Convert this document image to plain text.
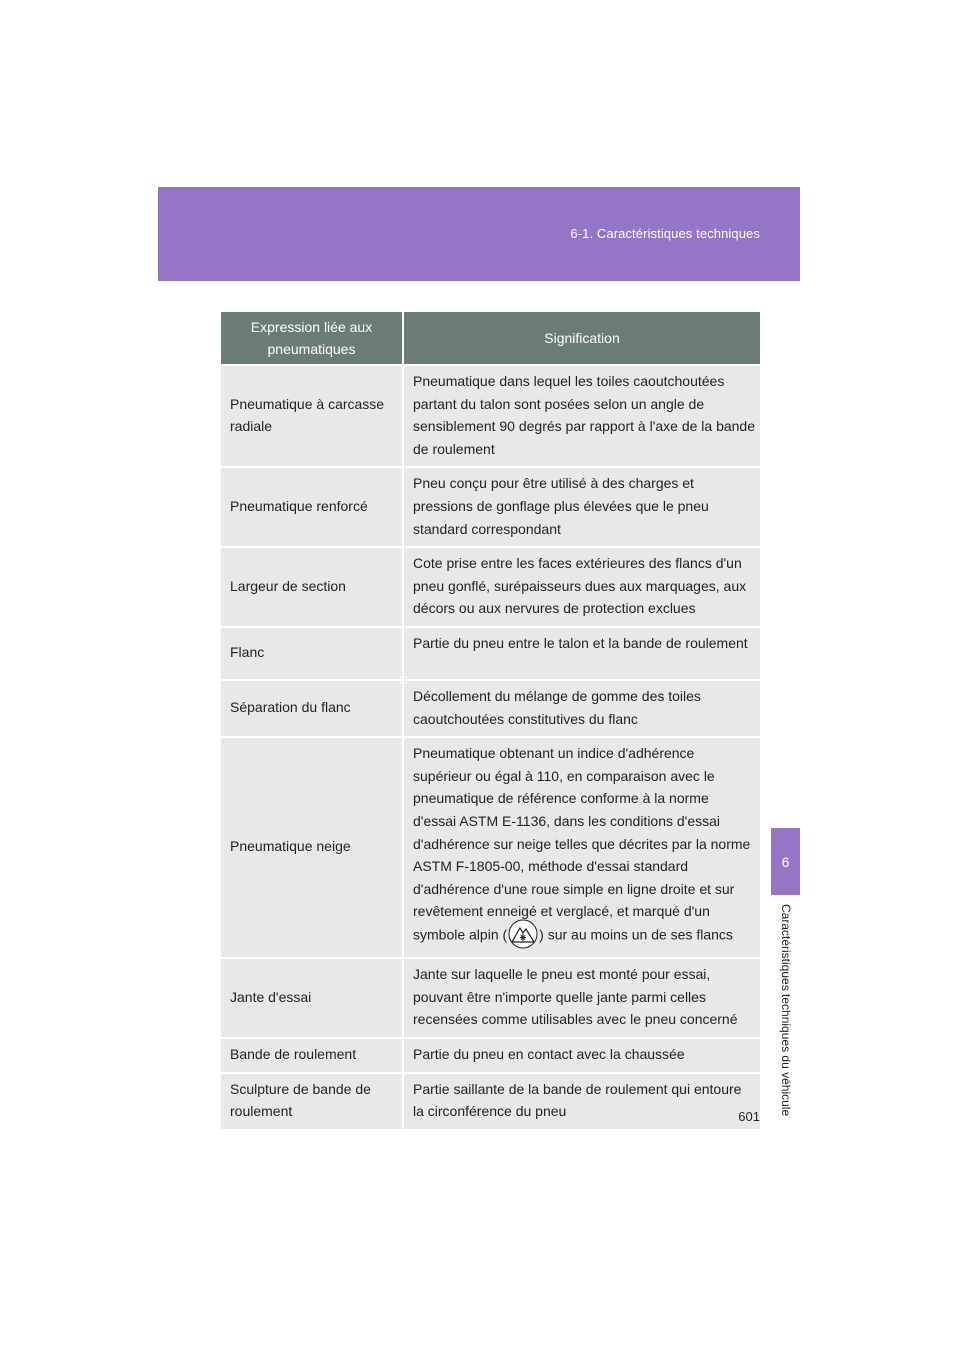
6-1. Caractéristiques techniques
Expression liée aux
pneumatiques	Signification
Pneumatique à carcasse radiale	Pneumatique dans lequel les toiles caoutchoutées partant du talon sont posées selon un angle de sensiblement 90 degrés par rapport à l'axe de la bande de roulement
Pneumatique renforcé	Pneu conçu pour être utilisé à des charges et pressions de gonflage plus élevées que le pneu standard correspondant
Largeur de section	Cote prise entre les faces extérieures des flancs d'un pneu gonflé, surépaisseurs dues aux marquages, aux décors ou aux nervures de protection exclues
Flanc	Partie du pneu entre le talon et la bande de roulement
Séparation du flanc	Décollement du mélange de gomme des toiles caoutchoutées constitutives du flanc
Pneumatique neige	Pneumatique obtenant un indice d'adhérence supérieur ou égal à 110, en comparaison avec le pneumatique de référence conforme à la norme d'essai ASTM E-1136, dans les conditions d'essai d'adhérence sur neige telles que décrites par la norme ASTM F-1805-00, méthode d'essai standard d'adhérence d'une roue simple en ligne droite et sur revêtement enneigé et verglacé, et marqué d'un symbole alpin ( ) sur au moins un de ses flancs
Jante d'essai	Jante sur laquelle le pneu est monté pour essai, pouvant être n'importe quelle jante parmi celles recensées comme utilisables avec le pneu concerné
Bande de roulement	Partie du pneu en contact avec la chaussée
Sculpture de bande de roulement	Partie saillante de la bande de roulement qui entoure la circonférence du pneu
6
Caractéristiques techniques du véhicule
601
